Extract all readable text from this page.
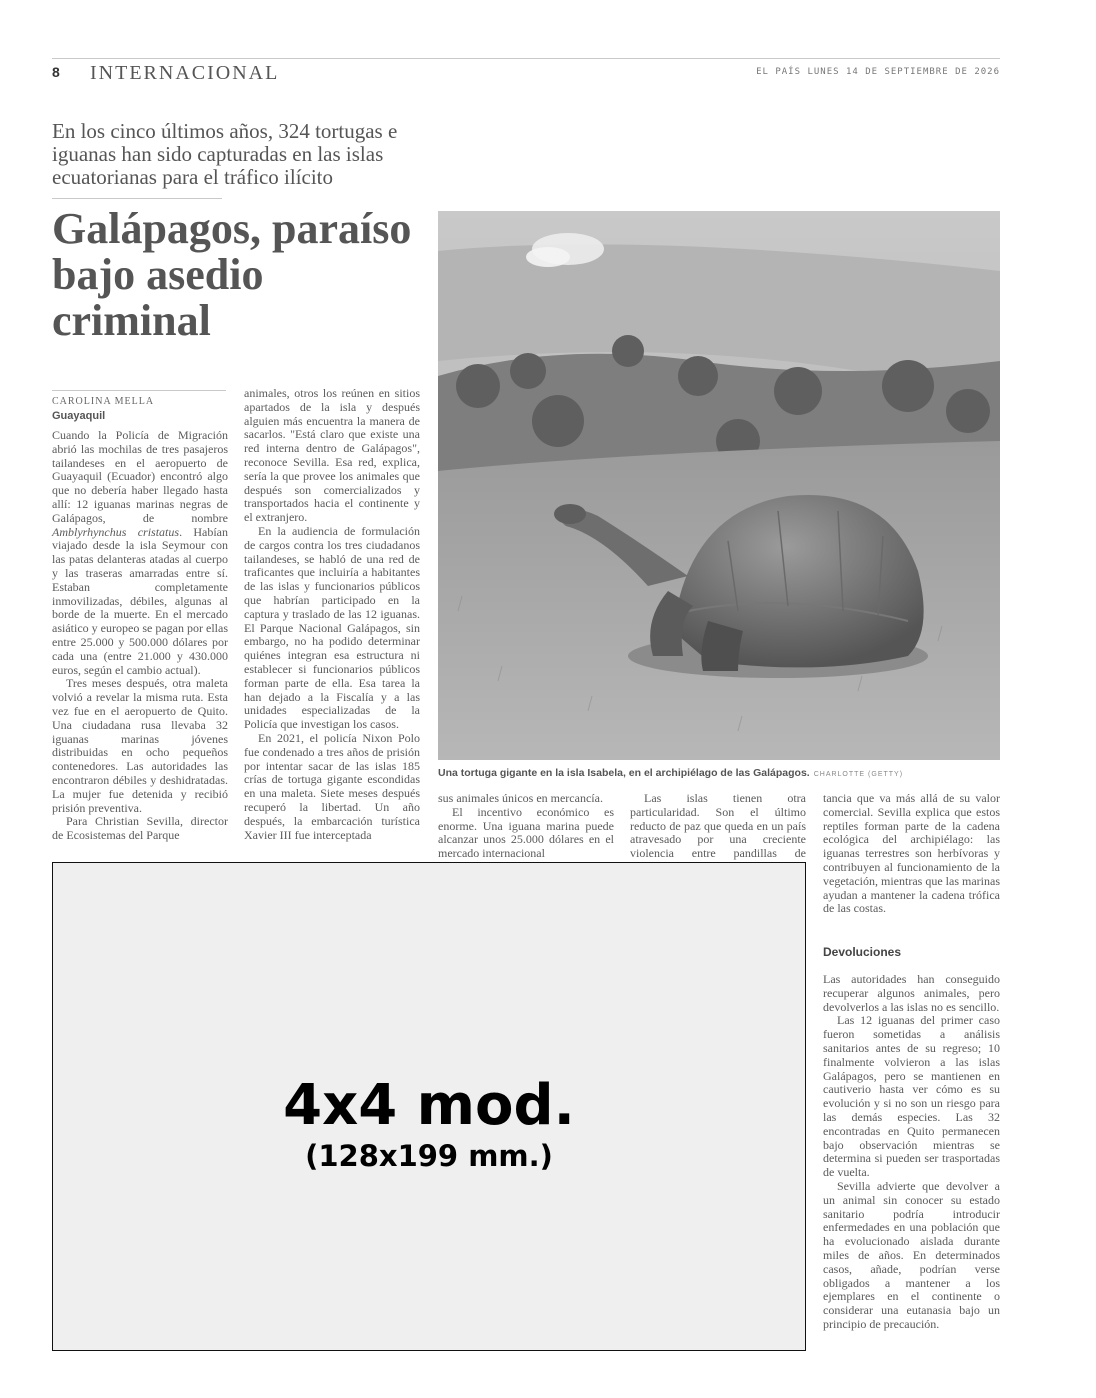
8 INTERNACIONAL	EL PAÍS LUNES 14 DE SEPTIEMBRE DE 2026
En los cinco últimos años, 324 tortugas e iguanas han sido capturadas en las islas ecuatorianas para el tráfico ilícito
Galápagos, paraíso bajo asedio criminal
CAROLINA MELLA
Guayaquil

Cuando la Policía de Migración abrió las mochilas de tres pasajeros tailandeses en el aeropuerto de Guayaquil (Ecuador) encontró algo que no debería haber llegado hasta allí: 12 iguanas marinas negras de Galápagos, de nombre Amblyrhynchus cristatus. Habían viajado desde la isla Seymour con las patas delanteras atadas al cuerpo y las traseras amarradas entre sí. Estaban completamente inmovilizadas, débiles, algunas al borde de la muerte. En el mercado asiático y europeo se pagan por ellas entre 25.000 y 500.000 dólares por cada una (entre 21.000 y 430.000 euros, según el cambio actual).

Tres meses después, otra maleta volvió a revelar la misma ruta. Esta vez fue en el aeropuerto de Quito. Una ciudadana rusa llevaba 32 iguanas marinas jóvenes distribuidas en ocho pequeños contenedores. Las autoridades las encontraron débiles y deshidratadas. La mujer fue detenida y recibió prisión preventiva.

Para Christian Sevilla, director de Ecosistemas del Parque

animales, otros los reúnen en sitios apartados de la isla y después alguien más encuentra la manera de sacarlos. "Está claro que existe una red interna dentro de Galápagos", reconoce Sevilla. Esa red, explica, sería la que provee los animales que después son comercializados y transportados hacia el continente y el extranjero.

En la audiencia de formulación de cargos contra los tres ciudadanos tailandeses, se habló de una red de traficantes que incluiría a habitantes de las islas y funcionarios públicos que habrían participado en la captura y traslado de las 12 iguanas. El Parque Nacional Galápagos, sin embargo, no ha podido determinar quiénes integran esa estructura ni establecer si funcionarios públicos forman parte de ella. Esa tarea la han dejado a la Fiscalía y a las unidades especializadas de la Policía que investigan los casos.

En 2021, el policía Nixon Polo fue condenado a tres años de prisión por intentar sacar de las islas 185 crías de tortuga gigante escondidas en una maleta. Siete meses después recuperó la libertad. Un año después, la embarcación turística Xavier III fue interceptada

Una tortuga gigante en la isla Isabela, en el archipiélago de las Galápagos. CHARLOTTE (GETTY)

sus animales únicos en mercancía.

El incentivo económico es enorme. Una iguana marina puede alcanzar unos 25.000 dólares en el mercado internacional

Las islas tienen otra particularidad. Son el último reducto de paz que queda en un país atravesado por una creciente violencia entre pandillas de

tancia que va más allá de su valor comercial. Sevilla explica que estos reptiles forman parte de la cadena ecológica del archipiélago: las iguanas terrestres son herbívoras y contribuyen al funcionamiento de la vegetación, mientras que las marinas ayudan a mantener la cadena trófica de las costas.

Devoluciones

Las autoridades han conseguido recuperar algunos animales, pero devolverlos a las islas no es sencillo.

Las 12 iguanas del primer caso fueron sometidas a análisis sanitarios antes de su regreso; 10 finalmente volvieron a las islas Galápagos, pero se mantienen en cautiverio hasta ver cómo es su evolución y si no son un riesgo para las demás especies. Las 32 encontradas en Quito permanecen bajo observación mientras se determina si pueden ser trasportadas de vuelta.

Sevilla advierte que devolver a un animal sin conocer su estado sanitario podría introducir enfermedades en una población que ha evolucionado aislada durante miles de años. En determinados casos, añade, podrían verse obligados a mantener a los ejemplares en el continente o considerar una eutanasia bajo un principio de precaución.

4x4 mod.
(128x199 mm.)
